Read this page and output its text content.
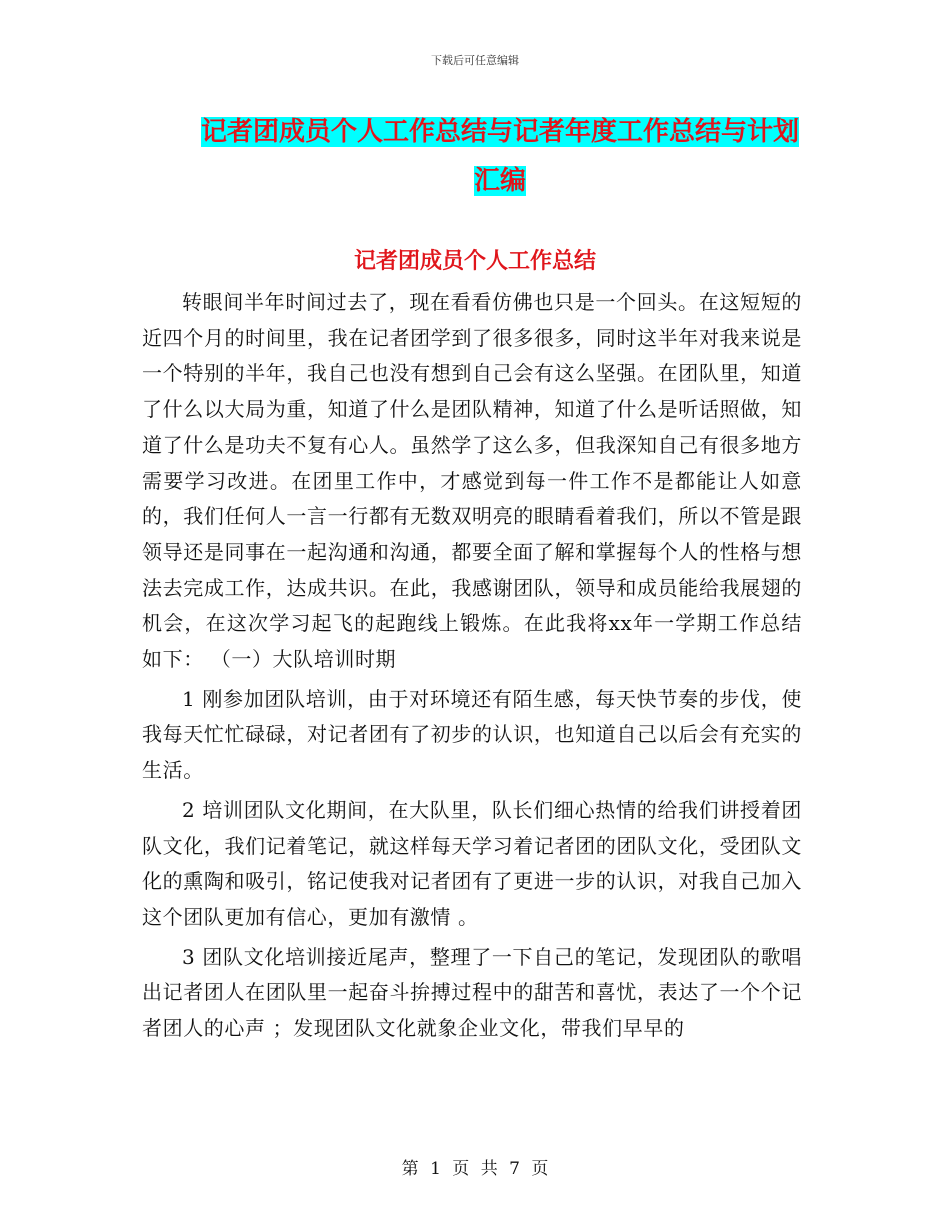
下载后可任意编辑
记者团成员个人工作总结与记者年度工作总结与计划汇编
记者团成员个人工作总结

转眼间半年时间过去了，现在看看仿佛也只是一个回头。在这短短的近四个月的时间里，我在记者团学到了很多很多，同时这半年对我来说是一个特别的半年，我自己也没有想到自己会有这么坚强。在团队里，知道了什么以大局为重，知道了什么是团队精神，知道了什么是听话照做，知道了什么是功夫不复有心人。虽然学了这么多，但我深知自己有很多地方需要学习改进。在团里工作中，才感觉到每一件工作不是都能让人如意的，我们任何人一言一行都有无数双明亮的眼睛看着我们，所以不管是跟领导还是同事在一起沟通和沟通，都要全面了解和掌握每个人的性格与想法去完成工作，达成共识。在此，我感谢团队，领导和成员能给我展翅的机会，在这次学习起飞的起跑线上锻炼。在此我将xx年一学期工作总结如下： （一）大队培训时期

1 刚参加团队培训，由于对环境还有陌生感，每天快节奏的步伐，使我每天忙忙碌碌，对记者团有了初步的认识，也知道自己以后会有充实的生活。

2 培训团队文化期间，在大队里，队长们细心热情的给我们讲授着团队文化，我们记着笔记，就这样每天学习着记者团的团队文化，受团队文化的熏陶和吸引，铭记使我对记者团有了更进一步的认识，对我自己加入这个团队更加有信心，更加有激情 。

3 团队文化培训接近尾声，整理了一下自己的笔记，发现团队的歌唱出记者团人在团队里一起奋斗拚搏过程中的甜苦和喜忧，表达了一个个记者团人的心声 ；发现团队文化就象企业文化，带我们早早的

第 1 页 共 7 页
